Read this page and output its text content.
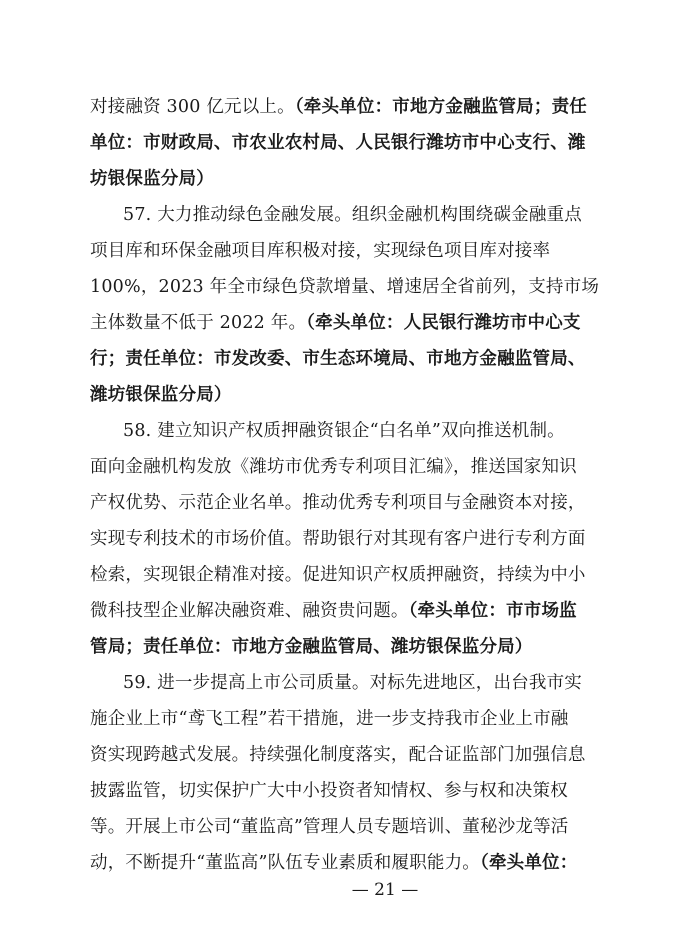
对接融资 300 亿元以上。（牵头单位：市地方金融监管局；责任
单位：市财政局、市农业农村局、人民银行潍坊市中心支行、潍
坊银保监分局）
57. 大力推动绿色金融发展。组织金融机构围绕碳金融重点
项目库和环保金融项目库积极对接，实现绿色项目库对接率
100%，2023 年全市绿色贷款增量、增速居全省前列，支持市场
主体数量不低于 2022 年。（牵头单位：人民银行潍坊市中心支
行；责任单位：市发改委、市生态环境局、市地方金融监管局、
潍坊银保监分局）
58. 建立知识产权质押融资银企“白名单”双向推送机制。
面向金融机构发放《潍坊市优秀专利项目汇编》，推送国家知识
产权优势、示范企业名单。推动优秀专利项目与金融资本对接，
实现专利技术的市场价值。帮助银行对其现有客户进行专利方面
检索，实现银企精准对接。促进知识产权质押融资，持续为中小
微科技型企业解决融资难、融资贵问题。（牵头单位：市市场监
管局；责任单位：市地方金融监管局、潍坊银保监分局）
59. 进一步提高上市公司质量。对标先进地区，出台我市实
施企业上市“鸢飞工程”若干措施，进一步支持我市企业上市融
资实现跨越式发展。持续强化制度落实，配合证监部门加强信息
披露监管，切实保护广大中小投资者知情权、参与权和决策权
等。开展上市公司“董监高”管理人员专题培训、董秘沙龙等活
动，不断提升“董监高”队伍专业素质和履职能力。（牵头单位：
— 21 —
